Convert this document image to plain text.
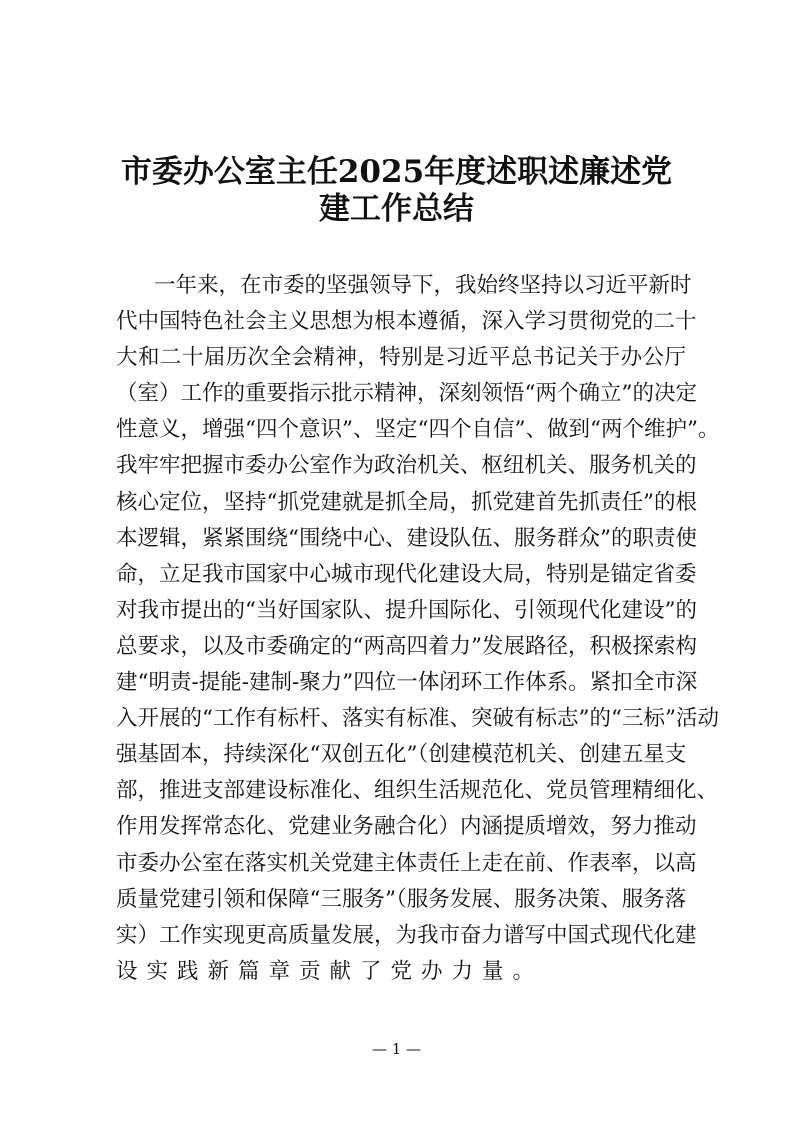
市委办公室主任2025年度述职述廉述党
建工作总结
一年来，在市委的坚强领导下，我始终坚持以习近平新时
代中国特色社会主义思想为根本遵循，深入学习贯彻党的二十
大和二十届历次全会精神，特别是习近平总书记关于办公厅
（室）工作的重要指示批示精神，深刻领悟“两个确立”的决定
性意义，增强“四个意识”、坚定“四个自信”、做到“两个维护”。
我牢牢把握市委办公室作为政治机关、枢纽机关、服务机关的
核心定位，坚持“抓党建就是抓全局，抓党建首先抓责任”的根
本逻辑，紧紧围绕“围绕中心、建设队伍、服务群众”的职责使
命，立足我市国家中心城市现代化建设大局，特别是锚定省委
对我市提出的“当好国家队、提升国际化、引领现代化建设”的
总要求，以及市委确定的“两高四着力”发展路径，积极探索构
建“明责-提能-建制-聚力”四位一体闭环工作体系。紧扣全市深
入开展的“工作有标杆、落实有标准、突破有标志”的“三标”活动
强基固本，持续深化“双创五化”（创建模范机关、创建五星支
部，推进支部建设标准化、组织生活规范化、党员管理精细化、
作用发挥常态化、党建业务融合化）内涵提质增效，努力推动
市委办公室在落实机关党建主体责任上走在前、作表率，以高
质量党建引领和保障“三服务”（服务发展、服务决策、服务落
实）工作实现更高质量发展，为我市奋力谱写中国式现代化建
设实践新篇章贡献了党办力量。
— 1 —
